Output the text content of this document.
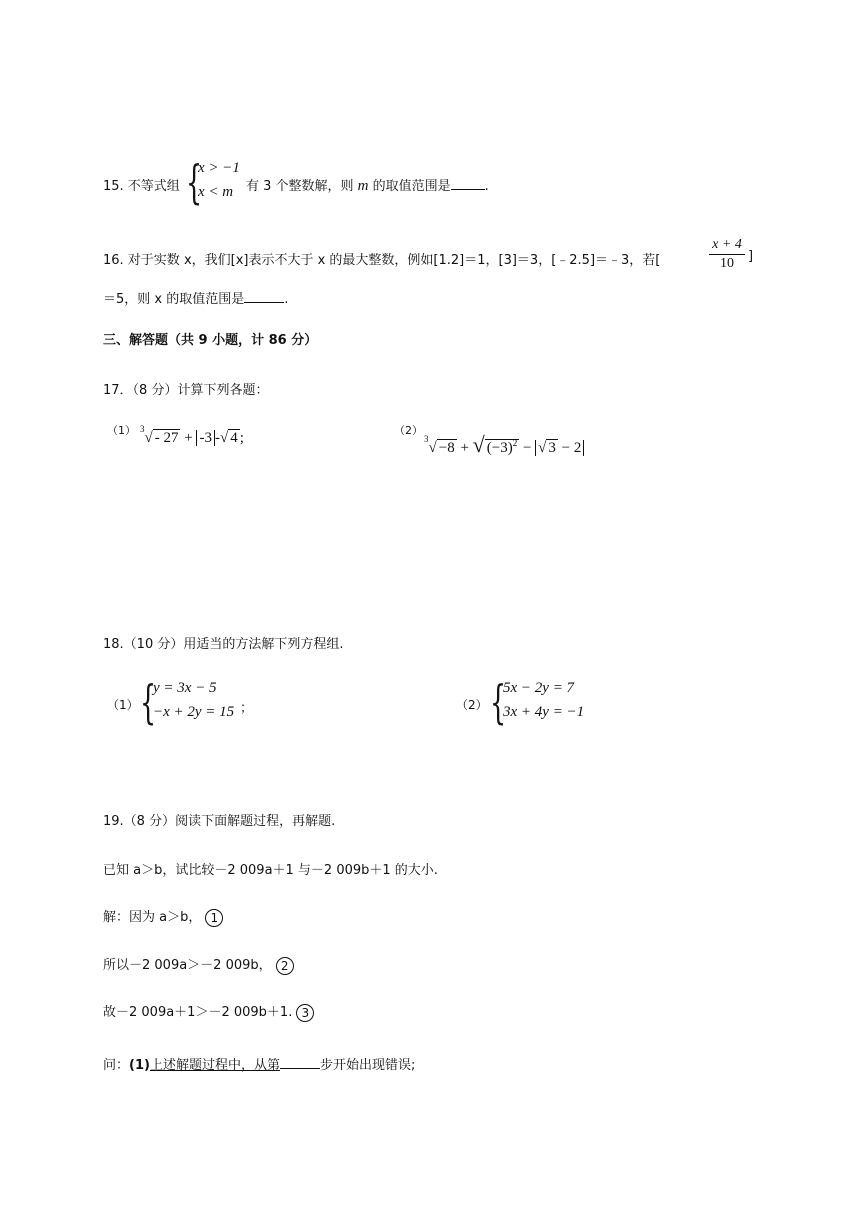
15. 不等式组 {
x > −1
x < m 有 3 个整数解，则 m 的取值范围是	.
16. 对于实数 x，我们[x]表示不大于 x 的最大整数，例如[1.2]＝1，[3]＝3，[﹣2.5]＝﹣3，若[
x + 4
10	]
＝5，则 x 的取值范围是	.
三、解答题（共 9 小题，计 86 分）
17．（8 分）计算下列各题：
（1） $^3$√ - 27 + -3 -√ 4 ;	（2）
$^3$√ −8 + √ $(-3)^2$ − √ 3 − 2
18.（10 分）用适当的方法解下列方程组.
（1） {
y = 3x − 5
−x + 2y = 15 ；	（2） {
5x − 2y = 7
3x + 4y = −1
19.（8 分）阅读下面解题过程，再解题.
已知 a＞b，试比较－2 009a＋1 与－2 009b＋1 的大小.
解：因为 a＞b， 1
所以－2 009a＞－2 009b， 2
故－2 009a＋1＞－2 009b＋1. 3
问：(1)上述解题过程中，从第	步开始出现错误;
